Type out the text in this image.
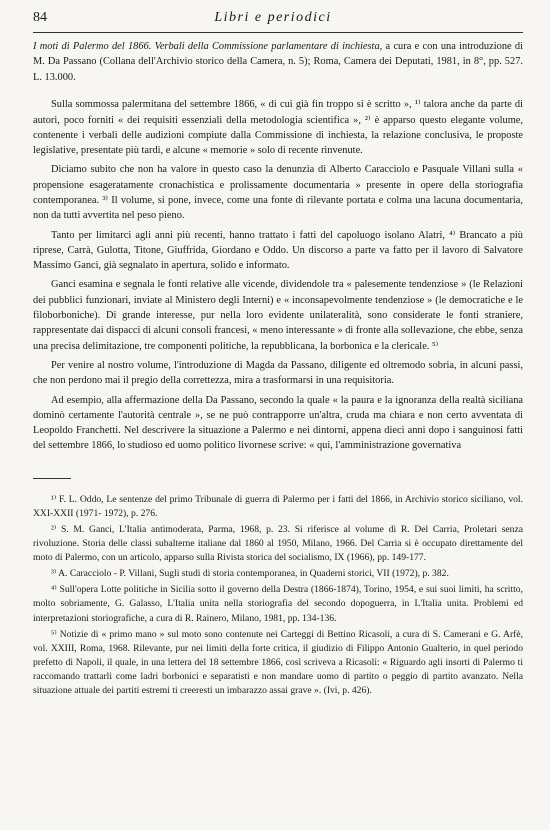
84	Libri e periodici
I moti di Palermo del 1866. Verbali della Commissione parlamentare di inchiesta, a cura e con una introduzione di M. Da Passano (Collana dell'Archivio storico della Camera, n. 5); Roma, Camera dei Deputati, 1981, in 8°, pp. 527. L. 13.000.

Sulla sommossa palermitana del settembre 1866, « di cui già fin troppo si è scritto », ¹⁾ talora anche da parte di autori, poco forniti « dei requisiti essenziali della metodologia scientifica », ²⁾ è apparso questo elegante volume, contenente i verbali delle audizioni compiute dalla Commissione di inchiesta, la relazione conclusiva, le proposte legislative, presentate più tardi, e alcune « memorie » solo di recente rinvenute.

Diciamo subito che non ha valore in questo caso la denunzia di Alberto Caracciolo e Pasquale Villani sulla « propensione esageratamente cronachistica e prolissamente documentaria » presente in opere della storiografia contemporanea. ³⁾ Il volume, si pone, invece, come una fonte di rilevante portata e colma una lacuna documentaria, non da tutti avvertita nel peso pieno.

Tanto per limitarci agli anni più recenti, hanno trattato i fatti del capoluogo isolano Alatri, ⁴⁾ Brancato a più riprese, Carrà, Gulotta, Titone, Giuffrida, Giordano e Oddo. Un discorso a parte va fatto per il lavoro di Salvatore Massimo Ganci, già segnalato in apertura, solido e informato.

Ganci esamina e segnala le fonti relative alle vicende, dividendole tra « palesemente tendenziose » (le Relazioni dei pubblici funzionari, inviate al Ministero degli Interni) e « inconsapevolmente tendenziose » (le democratiche e le filoborboniche). Di grande interesse, pur nella loro evidente unilateralità, sono considerate le fonti straniere, rappresentate dai dispacci di alcuni consoli francesi, « meno interessante » di fronte alla sollevazione, che ebbe, senza una precisa delimitazione, tre componenti politiche, la repubblicana, la borbonica e la clericale. ⁵⁾

Per venire al nostro volume, l'introduzione di Magda da Passano, diligente ed oltremodo sobria, in alcuni passi, che non perdono mai il pregio della correttezza, mira a trasformarsi in una requisitoria.

Ad esempio, alla affermazione della Da Passano, secondo la quale « la paura e la ignoranza della realtà siciliana dominò certamente l'autorità centrale », se ne può contrapporre un'altra, cruda ma chiara e non certo avventata di Leopoldo Franchetti. Nel descrivere la situazione a Palermo e nei dintorni, appena dieci anni dopo i sanguinosi fatti del settembre 1866, lo studioso ed uomo politico livornese scrive: « qui, l'amministrazione governativa

¹⁾ F. L. Oddo, Le sentenze del primo Tribunale di guerra di Palermo per i fatti del 1866, in Archivio storico siciliano, vol. XXI-XXII (1971- 1972), p. 276.

²⁾ S. M. Ganci, L'Italia antimoderata, Parma, 1968, p. 23. Si riferisce al volume di R. Del Carria, Proletari senza rivoluzione. Storia delle classi subalterne italiane dal 1860 al 1950, Milano, 1966. Del Carria si è occupato direttamente del moto di Palermo, con un articolo, apparso sulla Rivista storica del socialismo, IX (1966), pp. 149-177.

³⁾ A. Caracciolo - P. Villani, Sugli studi di storia contemporanea, in Quaderni storici, VII (1972), p. 382.

⁴⁾ Sull'opera Lotte politiche in Sicilia sotto il governo della Destra (1866-1874), Torino, 1954, e sui suoi limiti, ha scritto, molto sobriamente, G. Galasso, L'Italia unita nella storiografia del secondo dopoguerra, in L'Italia unita. Problemi ed interpretazioni storiografiche, a cura di R. Rainero, Milano, 1981, pp. 134-136.

⁵⁾ Notizie di « primo mano » sul moto sono contenute nei Carteggi di Bettino Ricasoli, a cura di S. Camerani e G. Arfè, vol. XXIII, Roma, 1968. Rilevante, pur nei limiti della forte critica, il giudizio di Filippo Antonio Gualterio, in quel periodo prefetto di Napoli, il quale, in una lettera del 18 settembre 1866, così scriveva a Ricasoli: « Riguardo agli insorti di Palermo ti raccomando trattarli come ladri borbonici e separatisti e non mandare uomo di partito o peggio di partito avanzato. Nella situazione attuale dei partiti estremi ti creeresti un imbarazzo assai grave ». (Ivi, p. 426).
